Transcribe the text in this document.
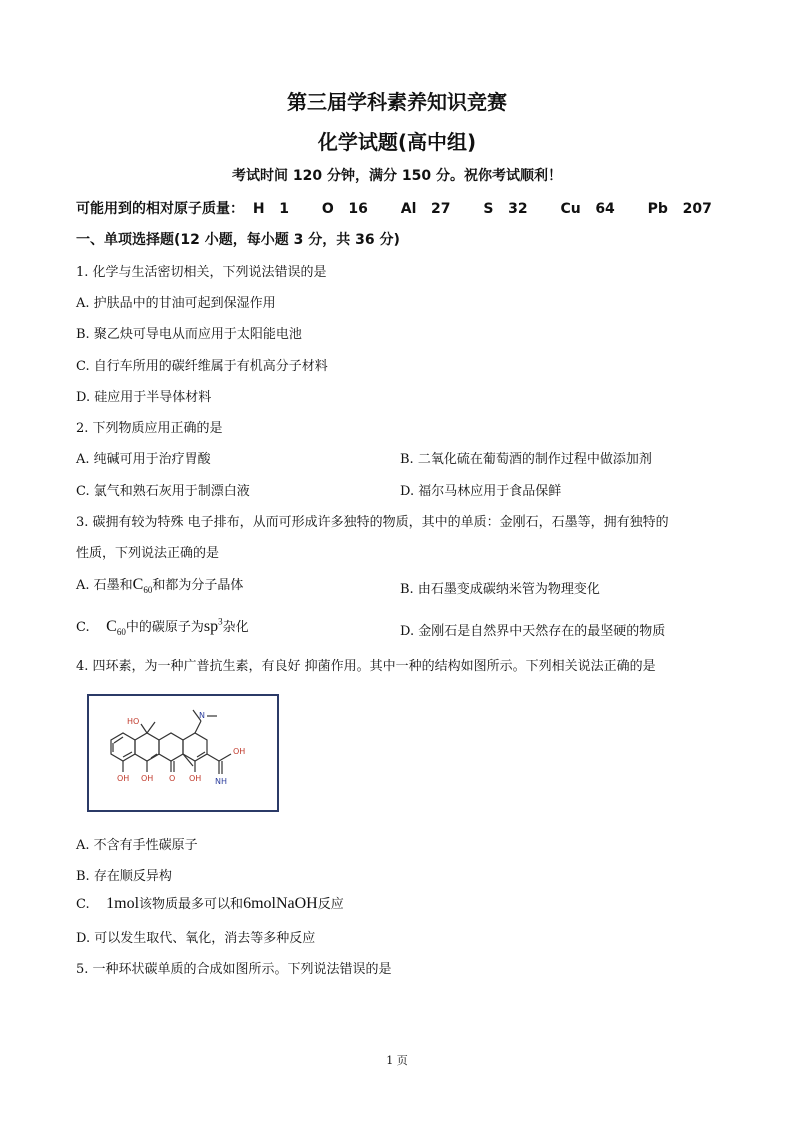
第三届学科素养知识竞赛
化学试题(高中组)
考试时间 120 分钟，满分 150 分。祝你考试顺利！
可能用到的相对原子质量： H 1 O 16 Al 27 S 32 Cu 64 Pb 207
一、单项选择题(12 小题，每小题 3 分，共 36 分)
1. 化学与生活密切相关，下列说法错误的是
A. 护肤品中的甘油可起到保湿作用
B. 聚乙炔可导电从而应用于太阳能电池
C. 自行车所用的碳纤维属于有机高分子材料
D. 硅应用于半导体材料
2. 下列物质应用正确的是
A. 纯碱可用于治疗胃酸	B. 二氧化硫在葡萄酒的制作过程中做添加剂
C. 氯气和熟石灰用于制漂白液	D. 福尔马林应用于食品保鲜
3. 碳拥有较为特殊 电子排布，从而可形成许多独特的物质，其中的单质：金刚石，石墨等，拥有独特的
性质，下列说法正确的是
A. 石墨和$C_{60}$和都为分子晶体	B. 由石墨变成碳纳米管为物理变化
C. $C_{60}$中的碳原子为$sp^3$杂化	D. 金刚石是自然界中天然存在的最坚硬的物质
4. 四环素，为一种广普抗生素，有良好 抑菌作用。其中一种的结构如图所示。下列相关说法正确的是
HO
OH OH O OH
OH
NH
N
A. 不含有手性碳原子
B. 存在顺反异构
C. 1mol该物质最多可以和6molNaOH反应
D. 可以发生取代、氧化，消去等多种反应
5. 一种环状碳单质的合成如图所示。下列说法错误的是
1 页
